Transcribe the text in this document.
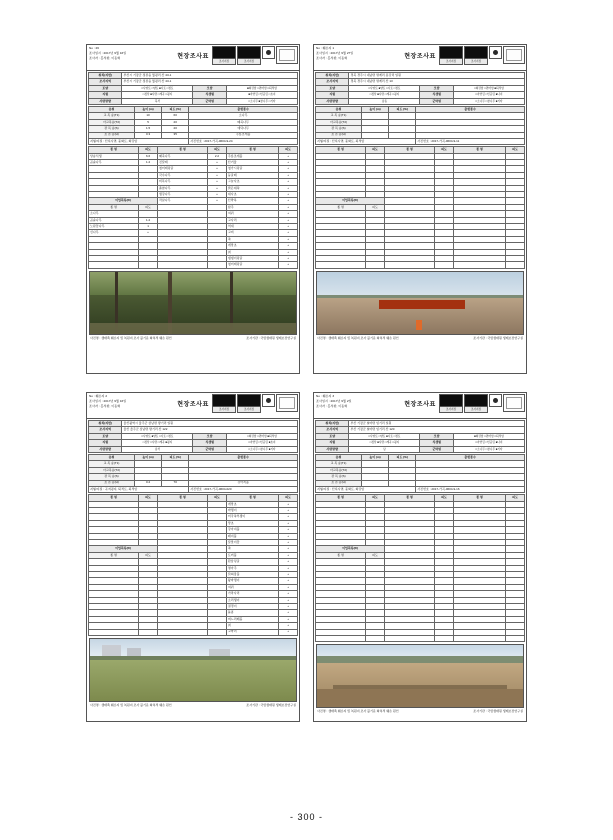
No : 26
조사일시 : 2017년 9월 16일
조사자 : 홍석환, 이동혁	현장조사표
조사지점	조사지점
위치(지번)	부산시 기장군 정관읍 월평리 산 43-1		
조사지역	부산시 기장군 정관읍 월평리 산 43-1		
토양	□사양토 □양토 ■사토 □점토	모암	■화강암 □편마암 □퇴적암
지형	□정상 ■사면 □계곡 □평지	식생형	■자연림 □인공림 □초지
사면방향	북서	군락명	□소나무 ■참나무 □기타
층위	높이 (m)	피도 (%)	출현종수
교 목 층(T1)	10	60	소나무
아교목층(T2)	5	20	때죽나무
관 목 층(S)	1.5	20	예덕나무
초 본 층(H)	0.3	35	주름조개풀
지형/지질 : 산록사면, 풍화토, 화강암			사진번호 : 2017-가곡-0604-9-24
종 명	피도	종 명	피도	종 명	피도
상층식생	6.6	때죽나무	2.2	주름조개풀	+
곰솔나무	1.2	진달래	+	산거울	+
		청미래덩굴	+	청가시덩굴	+
		국수나무	+	둥굴레	+
		비목나무	+	그늘사초	+
		졸참나무	+	맑은대쑥	+
		생강나무	+	대사초	+
이입목록(D)		작살나무	+	산박하	+
종 명	피도			삽주	+
소나무				여뀌	+
곰솔나무	1.2			고사리	+
노란꽃나무	1			억새	+
신나무	+			고비	+
				쑥	+
				개망초	+
				칡	+
				댕댕이덩굴	+
				청미래덩굴	+
사진명 : 생태축 훼손지 및 복원지 조사 불기운 화복적 훼손 원인	조사기관 : 국립생태원 생태보전연구실
No : 훼손지 1
조사일시 : 2017년 9월 27일
조사자 : 홍석환, 이동혁	현장조사표
조사지점	조사지점
위치(지번)	경북 경주시 내남면 명계리 용강리 일원		
조사지역	경북 경주시 내남면 명계리 산 13		
토양	□사양토 ■양토 □사토 □점토	모암	□화강암 □편마암 ■퇴적암
지형	□정상 ■사면 □계곡 □평지	식생형	□자연림 □인공림 ■나지
사면방향	남동	군락명	□소나무 □참나무 ■기타
층위	높이 (m)	피도 (%)	출현종수
교 목 층(T1)			
아교목층(T2)			
관 목 층(S)			
초 본 층(H)			
지형/지질 : 산록사면, 풍화토, 퇴적암			사진번호 : 2017-가곡-0604-9-11
종 명	피도	종 명	피도	종 명	피도

이입목록(D)					
종 명	피도				

사진명 : 생태축 훼손지 및 복원지 조사 불기운 화복적 훼손 원인	조사기관 : 국립생태원 생태보전연구실
No : 훼손지 2
조사일시 : 2017년 9월 16일
조사자 : 홍석환, 이동혁	현장조사표
조사지점	조사지점
위치(지번)	울산광역시 울주군 삼남면 방기리 일원		
조사지역	울산 울주군 삼남면 방기리 산 122		
토양	□사양토 ■양토 □사토 □점토	모암	□화강암 □편마암 ■퇴적암
지형	□정상 □사면 □계곡 ■평지	식생형	□자연림 □인공림 ■초지
사면방향	남서	군락명	□소나무 □참나무 ■기타
층위	높이 (m)	피도 (%)	출현종수
교 목 층(T1)			
아교목층(T2)			
관 목 층(S)			
초 본 층(H)	0.2	70	강아지풀
지형/지질 : 곡저평지, 퇴적토, 퇴적암			사진번호 : 2017-가곡-0604-020
종 명	피도	종 명	피도	종 명	피도
				개망초	+
				바랭이	+
				미국쑥부쟁이	+
				망초	+
				강아지풀	+
				돼지풀	+
				달맞이꽃	+
이입목록(D)				쑥	+
종 명	피도			토끼풀	+
				환삼덩굴	+
				명아주	+
				닭의장풀	+
				왕바랭이	+
				여뀌	+
				가막사리	+
				소리쟁이	+
				질경이	+
				돌콩	+
				며느리배꼽	+
				칡	+
				고마리	+
사진명 : 생태축 훼손지 및 복원지 조사 불기운 화복적 훼손 원인	조사기관 : 국립생태원 생태보전연구실
No : 훼손지 3
조사일시 : 2017년 9월 2일
조사자 : 홍석환, 이동혁	현장조사표
조사지점	조사지점
위치(지번)	부산 기장군 철마면 임기리 일원		
조사지역	부산 기장군 철마면 임기리 산 120		
토양	□사양토 □양토 ■사토 □점토	모암	■화강암 □편마암 □퇴적암
지형	□정상 ■사면 □계곡 □평지	식생형	□자연림 □인공림 ■나지
사면방향	남	군락명	□소나무 □참나무 ■기타
층위	높이 (m)	피도 (%)	출현종수
교 목 층(T1)			
아교목층(T2)			
관 목 층(S)			
초 본 층(H)			
지형/지질 : 산록사면, 풍화토, 화강암			사진번호 : 2017-가곡-0604-9-16
종 명	피도	종 명	피도	종 명	피도

이입목록(D)					
종 명	피도				

사진명 : 생태축 훼손지 및 복원지 조사 불기운 화복적 훼손 원인	조사기관 : 국립생태원 생태보전연구실
- 300 -
